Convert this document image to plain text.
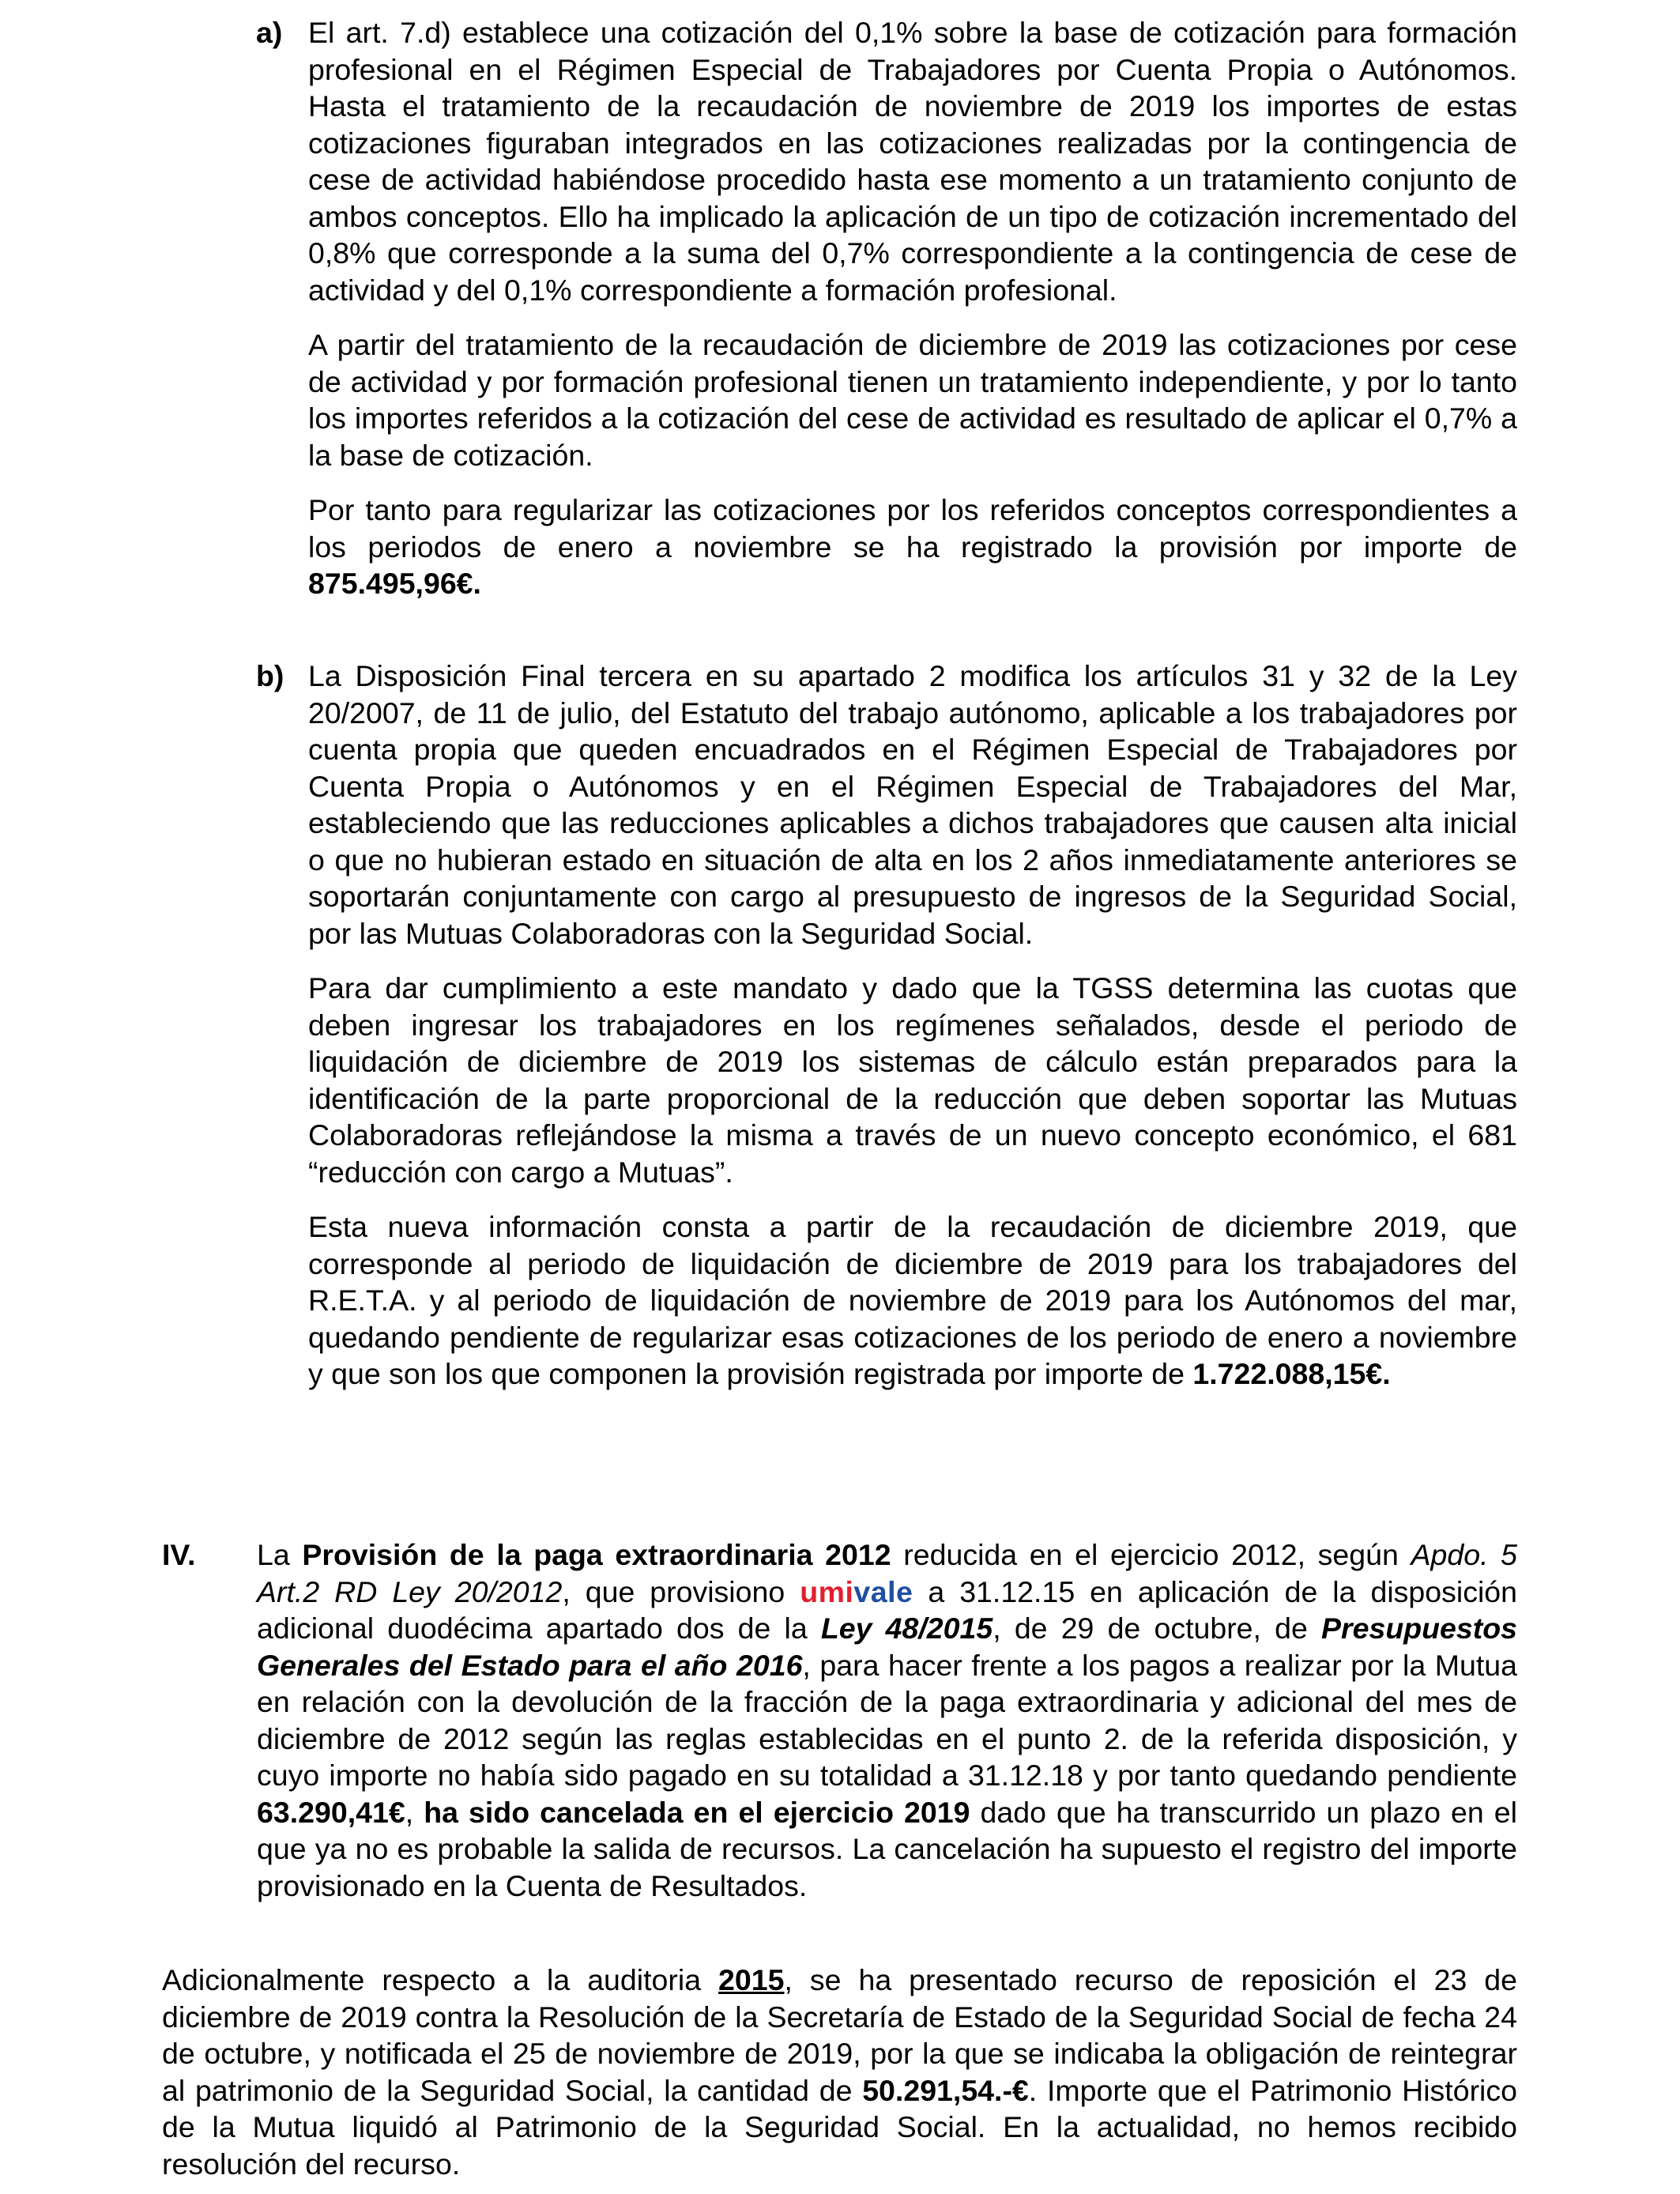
a) El art. 7.d) establece una cotización del 0,1% sobre la base de cotización para formación profesional en el Régimen Especial de Trabajadores por Cuenta Propia o Autónomos. Hasta el tratamiento de la recaudación de noviembre de 2019 los importes de estas cotizaciones figuraban integrados en las cotizaciones realizadas por la contingencia de cese de actividad habiéndose procedido hasta ese momento a un tratamiento conjunto de ambos conceptos. Ello ha implicado la aplicación de un tipo de cotización incrementado del 0,8% que corresponde a la suma del 0,7% correspondiente a la contingencia de cese de actividad y del 0,1% correspondiente a formación profesional.

A partir del tratamiento de la recaudación de diciembre de 2019 las cotizaciones por cese de actividad y por formación profesional tienen un tratamiento independiente, y por lo tanto los importes referidos a la cotización del cese de actividad es resultado de aplicar el 0,7% a la base de cotización.

Por tanto para regularizar las cotizaciones por los referidos conceptos correspondientes a los periodos de enero a noviembre se ha registrado la provisión por importe de 875.495,96€.

b) La Disposición Final tercera en su apartado 2 modifica los artículos 31 y 32 de la Ley 20/2007, de 11 de julio, del Estatuto del trabajo autónomo, aplicable a los trabajadores por cuenta propia que queden encuadrados en el Régimen Especial de Trabajadores por Cuenta Propia o Autónomos y en el Régimen Especial de Trabajadores del Mar, estableciendo que las reducciones aplicables a dichos trabajadores que causen alta inicial o que no hubieran estado en situación de alta en los 2 años inmediatamente anteriores se soportarán conjuntamente con cargo al presupuesto de ingresos de la Seguridad Social, por las Mutuas Colaboradoras con la Seguridad Social.

Para dar cumplimiento a este mandato y dado que la TGSS determina las cuotas que deben ingresar los trabajadores en los regímenes señalados, desde el periodo de liquidación de diciembre de 2019 los sistemas de cálculo están preparados para la identificación de la parte proporcional de la reducción que deben soportar las Mutuas Colaboradoras reflejándose la misma a través de un nuevo concepto económico, el 681 “reducción con cargo a Mutuas”.

Esta nueva información consta a partir de la recaudación de diciembre 2019, que corresponde al periodo de liquidación de diciembre de 2019 para los trabajadores del R.E.T.A. y al periodo de liquidación de noviembre de 2019 para los Autónomos del mar, quedando pendiente de regularizar esas cotizaciones de los periodo de enero a noviembre y que son los que componen la provisión registrada por importe de 1.722.088,15€.

IV. La Provisión de la paga extraordinaria 2012 reducida en el ejercicio 2012, según Apdo. 5 Art.2 RD Ley 20/2012, que provisiono umivale a 31.12.15 en aplicación de la disposición adicional duodécima apartado dos de la Ley 48/2015, de 29 de octubre, de Presupuestos Generales del Estado para el año 2016, para hacer frente a los pagos a realizar por la Mutua en relación con la devolución de la fracción de la paga extraordinaria y adicional del mes de diciembre de 2012 según las reglas establecidas en el punto 2. de la referida disposición, y cuyo importe no había sido pagado en su totalidad a 31.12.18 y por tanto quedando pendiente 63.290,41€, ha sido cancelada en el ejercicio 2019 dado que ha transcurrido un plazo en el que ya no es probable la salida de recursos. La cancelación ha supuesto el registro del importe provisionado en la Cuenta de Resultados.

Adicionalmente respecto a la auditoria 2015, se ha presentado recurso de reposición el 23 de diciembre de 2019 contra la Resolución de la Secretaría de Estado de la Seguridad Social de fecha 24 de octubre, y notificada el 25 de noviembre de 2019, por la que se indicaba la obligación de reintegrar al patrimonio de la Seguridad Social, la cantidad de 50.291,54.-€. Importe que el Patrimonio Histórico de la Mutua liquidó al Patrimonio de la Seguridad Social. En la actualidad, no hemos recibido resolución del recurso.
